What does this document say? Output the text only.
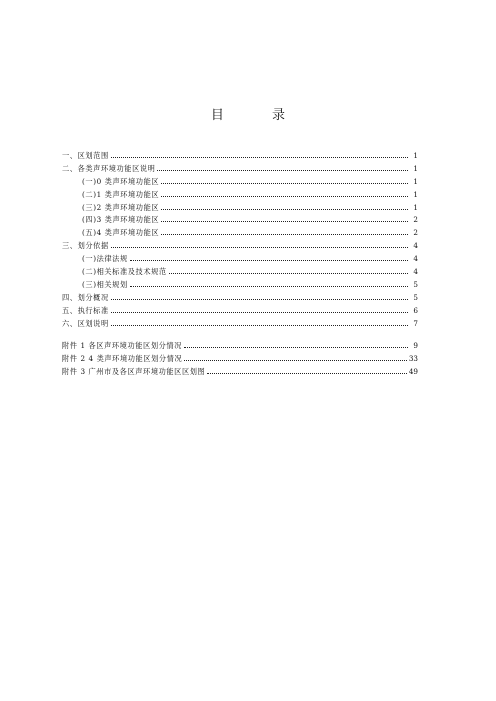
目 录
一、区划范围	1
二、各类声环境功能区说明	1
(一)0 类声环境功能区	1
(二)1 类声环境功能区	1
(三)2 类声环境功能区	1
(四)3 类声环境功能区	2
(五)4 类声环境功能区	2
三、划分依据	4
(一)法律法规	4
(二)相关标准及技术规范	4
(三)相关规划	5
四、划分概况	5
五、执行标准	6
六、区划说明	7
附件 1 各区声环境功能区划分情况	9
附件 2 4 类声环境功能区划分情况	33
附件 3 广州市及各区声环境功能区区划图	49
